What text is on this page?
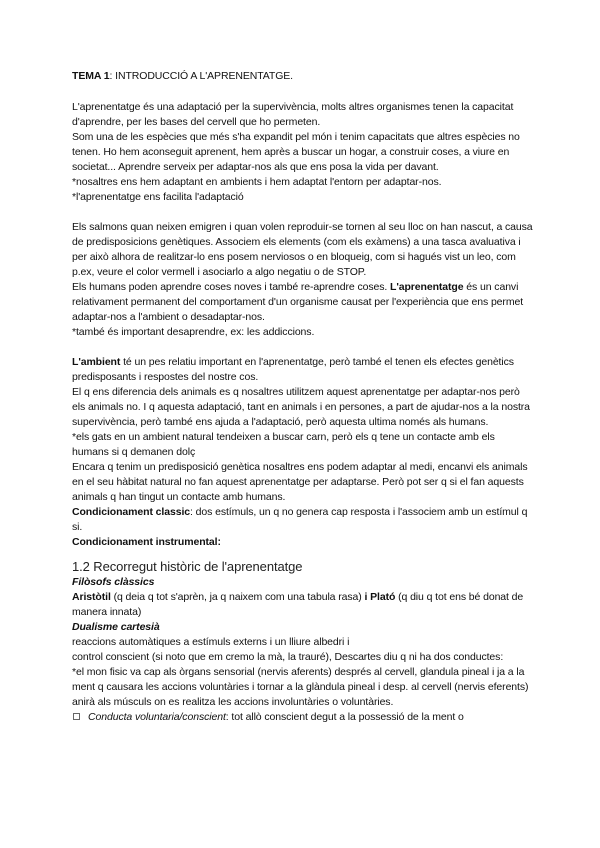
TEMA 1: INTRODUCCIÓ A L'APRENENTATGE.

L'aprenentatge és una adaptació per la supervivència, molts altres organismes tenen la capacitat d'aprendre, per les bases del cervell que ho permeten.

Som una de les espècies que més s'ha expandit pel món i tenim capacitats que altres espècies no tenen. Ho hem aconseguit aprenent, hem après a buscar un hogar, a construir coses, a viure en societat... Aprendre serveix per adaptar-nos als que ens posa la vida per davant.

*nosaltres ens hem adaptant en ambients i hem adaptat l'entorn per adaptar-nos.

*l'aprenentatge ens facilita l'adaptació

Els salmons quan neixen emigren i quan volen reproduir-se tornen al seu lloc on han nascut, a causa de predisposicions genètiques. Associem els elements (com els exàmens) a una tasca avaluativa i per això alhora de realitzar-lo ens posem nerviosos o en bloqueig, com si hagués vist un leo, com p.ex, veure el color vermell i asociarlo a algo negatiu o de STOP.

Els humans poden aprendre coses noves i també re-aprendre coses. L'aprenentatge és un canvi relativament permanent del comportament d'un organisme causat per l'experiència que ens permet adaptar-nos a l'ambient o desadaptar-nos.

*també és important desaprendre, ex: les addiccions.

L'ambient té un pes relatiu important en l'aprenentatge, però també el tenen els efectes genètics predisposants i respostes del nostre cos.

El q ens diferencia dels animals es q nosaltres utilitzem aquest aprenentatge per adaptar-nos però els animals no. I q aquesta adaptació, tant en animals i en persones, a part de ajudar-nos a la nostra supervivència, però també ens ajuda a l'adaptació, però aquesta ultima només als humans.

*els gats en un ambient natural tendeixen a buscar carn, però els q tene un contacte amb els humans si q demanen dolç

Encara q tenim un predisposició genètica nosaltres ens podem adaptar al medi, encanvi els animals en el seu hàbitat natural no fan aquest aprenentatge per adaptarse. Però pot ser q si el fan aquests animals q han tingut un contacte amb humans.

Condicionament classic: dos estímuls, un q no genera cap resposta i l'associem amb un estímul q si.

Condicionament instrumental:

1.2 Recorregut històric de l'aprenentatge

Filòsofs clàssics

Aristòtil (q deia q tot s'aprèn, ja q naixem com una tabula rasa) i Plató (q diu q tot ens bé donat de manera innata)

Dualisme cartesià

reaccions automàtiques a estímuls externs i un lliure albedri i

control conscient (si noto que em cremo la mà, la trauré), Descartes diu q ni ha dos conductes:

*el mon fisic va cap als òrgans sensorial (nervis aferents) després al cervell, glandula pineal i ja a la ment q causara les accions voluntàries i tornar a la glàndula pineal i desp. al cervell (nervis eferents) anirà als músculs on es realitza les accions involuntàries o voluntàries.

Conducta voluntaria/conscient: tot allò conscient degut a la possessió de la ment o
